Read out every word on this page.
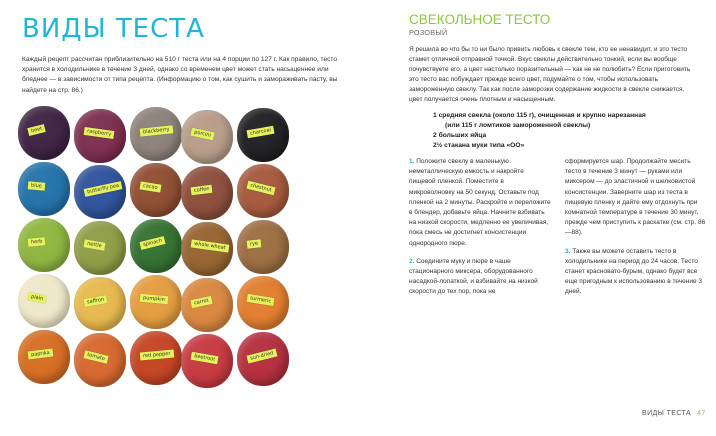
ВИДЫ ТЕСТА
Каждый рецепт рассчитан приблизительно на 510 г теста или на 4 порции по 127 г. Как правило, тесто хранится в холодильнике в течение 3 дней, однако со временем цвет может стать насыщеннее или бледнее — в зависимости от типа рецепта. (Информацию о том, как сушить и замораживать пасту, вы найдете на стр. 86.)
beet	raspberry	blackberry	porcini	charcoal
blue	butterfly pea	cacao	coffee	chestnut
herb	nettle	spinach	whole wheat	rye
plain	saffron	pumpkin	carrot	turmeric
paprika	tomato	red pepper	beetroot	sun-dried
СВЕКОЛЬНОЕ ТЕСТО
РОЗОВЫЙ
Я решила во что бы то ни было привить любовь к свекле тем, кто ее ненавидит, и это тесто стамет отличной отправной точкой. Вкус свеклы действительно тонкий, если вы вообще почувствуете его, а цвет настолько поразительный — как не не полюбить? Если приготовить это тесто вас побуждает прежде всего цвет, подумайте о том, чтобы использовать замороженную свеклу. Так как после заморозки содержание жидкости в свекле снижается, цвет получается очень плотным и насыщенным.
1 средняя свекла (около 115 г), очищенная и крупно нарезанная
(или 115 г ломтиков замороженной свеклы)
2 больших яйца
2½ стакана муки типа «OO»

1. Положите свеклу в маленькую неметаллическую емкость и накройте пищевой пленкой. Поместите в микроволновку на 50 секунд. Оставьте под пленкой на 2 минуты. Раскройте и переложите в блендер, добавьте яйца. Начните взбивать на низкой скорости, медленно ее увеличивая, пока смесь не достигнет консистенции однородного пюре.

2. Соедините муку и пюре в чаше стационарного миксера, оборудованного насадкой-лопаткой, и взбивайте на низкой скорости до тех пор, пока не

сформируется шар. Продолжайте месить тесто в течение 3 минут — руками или миксером — до эластичной и шелковистой консистенции. Заверните шар из теста в пищевую пленку и дайте ему отдохнуть при комнатной температуре в течение 30 минут, прежде чем приступить к раскатке (см. стр. 86—88).

3. Также вы можете оставить тесто в холодильнике на период до 24 часов. Тесто станет красновато-бурым, однако будет все еще пригодным к использованию в течение 3 дней.

ВИДЫ ТЕСТА 47
